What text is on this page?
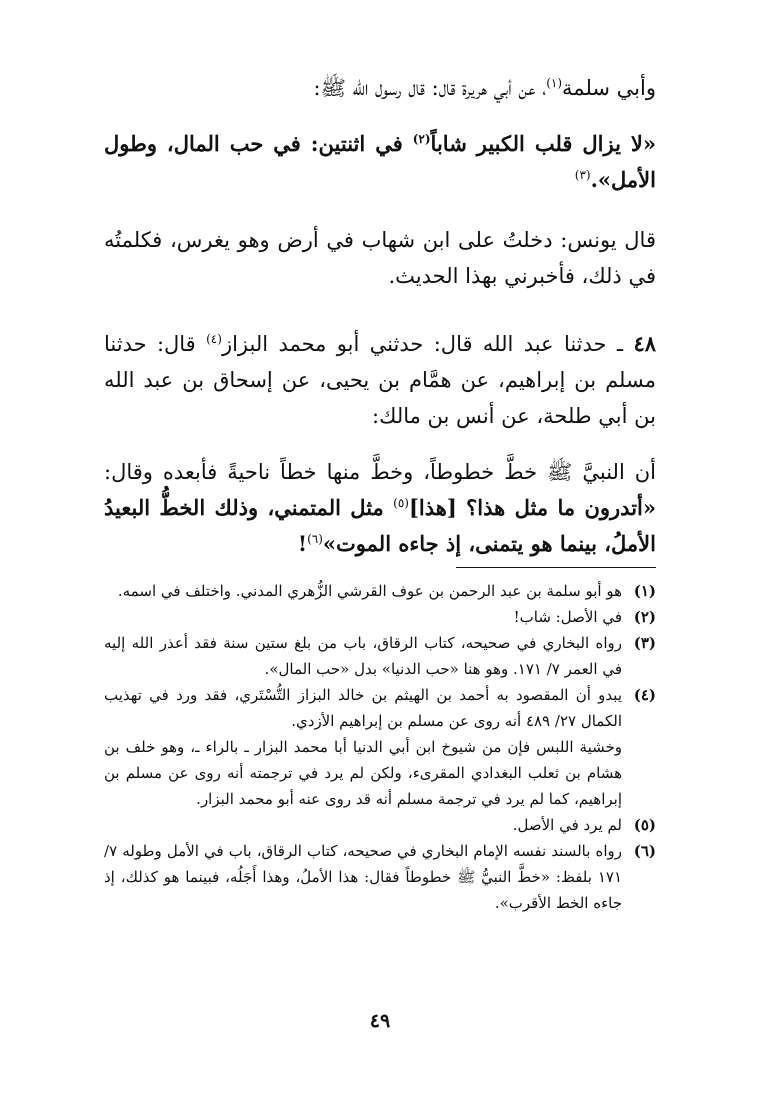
وأبي سلمة$^{(١)}$، عن أبي هريرة قال: قال رسول الله ﷺ:

«لا يزال قلب الكبير شاباً$^{(٢)}$ في اثنتين: في حب المال، وطول الأمل».$^{(٣)}$

قال يونس: دخلتُ على ابن شهاب في أرض وهو يغرس، فكلمتُه في ذلك، فأخبرني بهذا الحديث.

٤٨ ـ حدثنا عبد الله قال: حدثني أبو محمد البزاز$^{(٤)}$ قال: حدثنا مسلم بن إبراهيم، عن همَّام بن يحيى، عن إسحاق بن عبد الله بن أبي طلحة، عن أنس بن مالك:

أن النبيَّ ﷺ خطَّ خطوطاً، وخطَّ منها خطاً ناحيةً فأبعده وقال: «أتدرون ما مثل هذا؟ [هذا]$^{(٥)}$ مثل المتمني، وذلك الخطُّ البعيدُ الأملُ، بينما هو يتمنى، إذ جاءه الموت»$^{(٦)}$!

(١)
هو أبو سلمة بن عبد الرحمن بن عوف القرشي الزُّهري المدني. واختلف في اسمه.
(٢)
في الأصل: شاب!
(٣)
رواه البخاري في صحيحه، كتاب الرقاق، باب من بلغ ستين سنة فقد أعذر الله إليه في العمر ٧/ ١٧١. وهو هنا «حب الدنيا» بدل «حب المال».
(٤)
يبدو أن المقصود به أحمد بن الهيثم بن خالد البزاز التُّسْتَري، فقد ورد في تهذيب الكمال ٢٧/ ٤٨٩ أنه روى عن مسلم بن إبراهيم الأزدي.

وخشية اللبس فإن من شيوخ ابن أبي الدنيا أبا محمد البزار ـ بالراء ـ، وهو خلف بن هشام بن ثعلب البغدادي المقرىء، ولكن لم يرد في ترجمته أنه روى عن مسلم بن إبراهيم، كما لم يرد في ترجمة مسلم أنه قد روى عنه أبو محمد البزار.

(٥)
لم يرد في الأصل.
(٦)
رواه بالسند نفسه الإمام البخاري في صحيحه، كتاب الرقاق، باب في الأمل وطوله ٧/ ١٧١ بلفظ: «خطَّ النبيُّ ﷺ خطوطاً فقال: هذا الأملُ، وهذا أَجَلُه، فبينما هو كذلك، إذ جاءه الخط الأقرب».
٤٩
